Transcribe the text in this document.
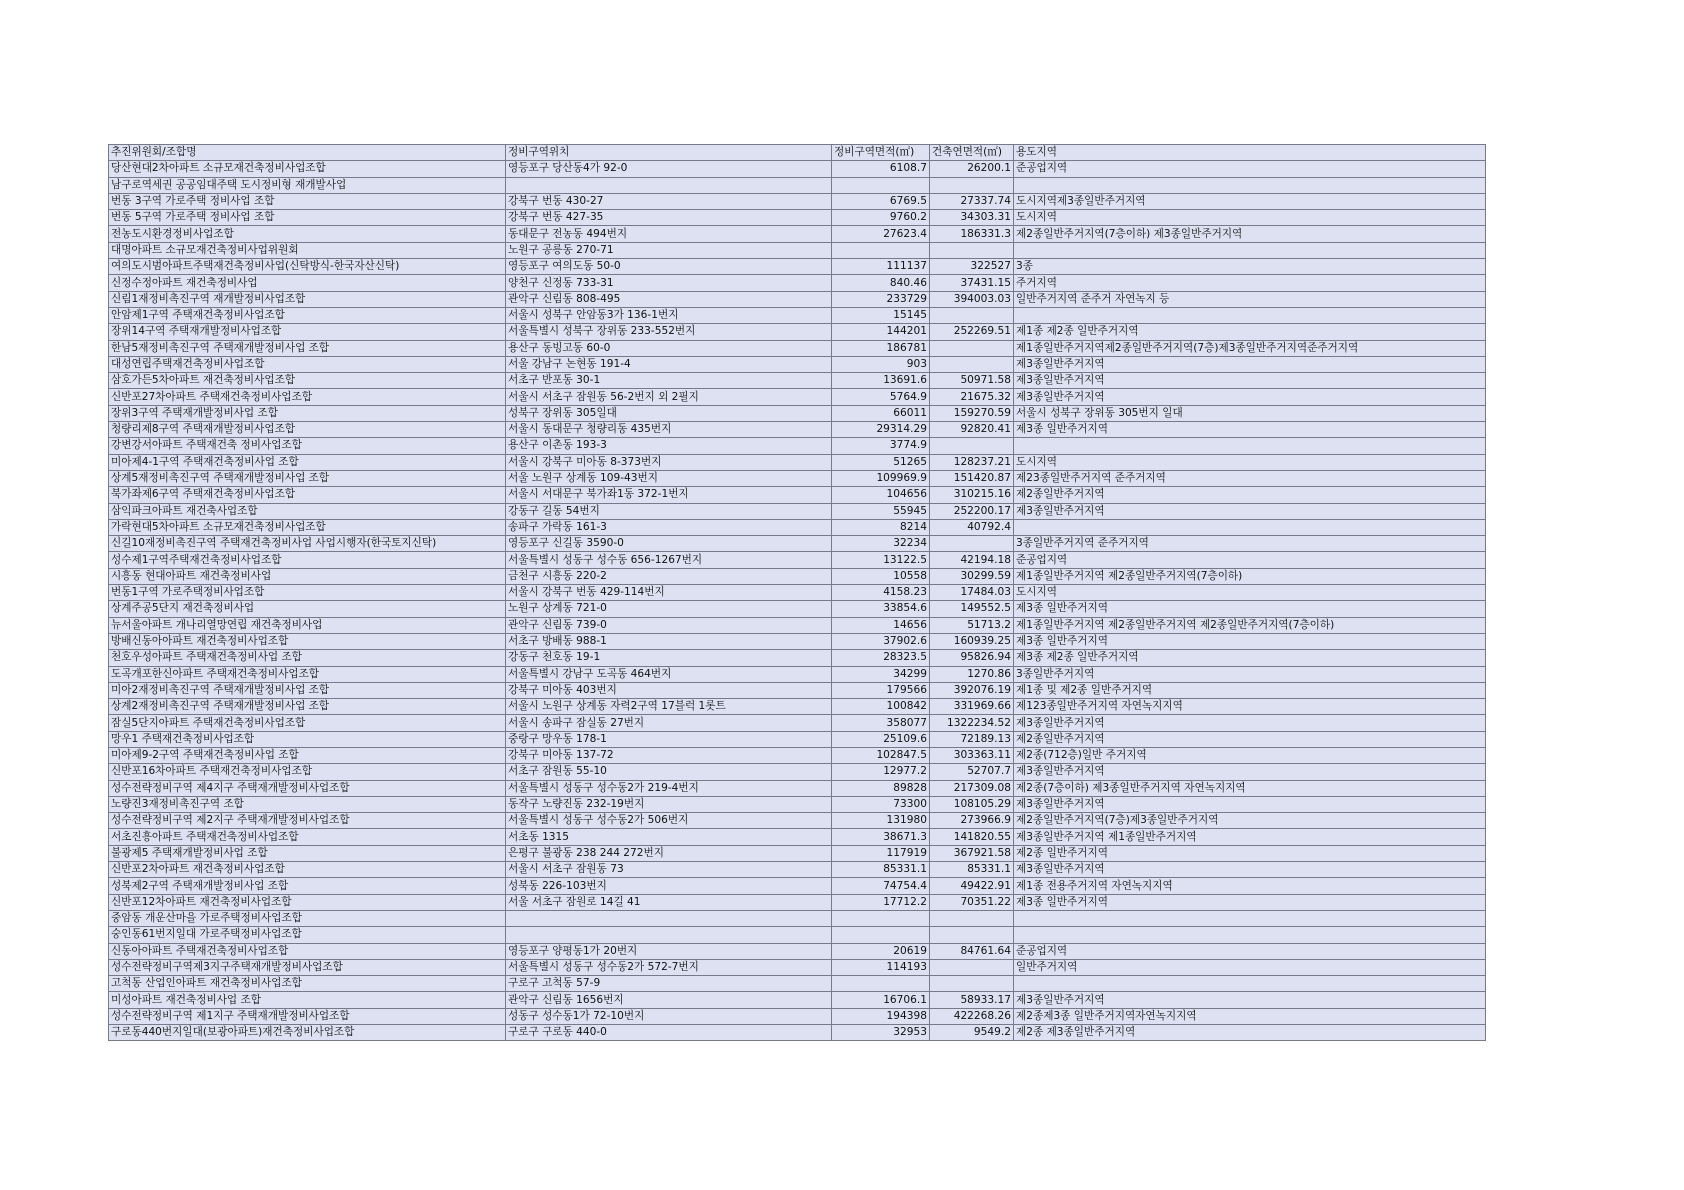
추진위원회/조합명	정비구역위치	정비구역면적(㎡)	건축연면적(㎡)	용도지역
당산현대2차아파트 소규모재건축정비사업조합	영등포구 당산동4가 92-0	6108.7	26200.1	준공업지역
남구로역세권 공공임대주택 도시정비형 재개발사업				
번동 3구역 가로주택 정비사업 조합	강북구 번동 430-27	6769.5	27337.74	도시지역제3종일반주거지역
번동 5구역 가로주택 정비사업 조합	강북구 번동 427-35	9760.2	34303.31	도시지역
전농도시환경정비사업조합	동대문구 전농동 494번지	27623.4	186331.3	제2종일반주거지역(7층이하) 제3종일반주거지역
대명아파트 소규모재건축정비사업위원회	노원구 공릉동 270-71			
여의도시범아파트주택재건축정비사업(신탁방식-한국자산신탁)	영등포구 여의도동 50-0	111137	322527	3종
신정수정아파트 재건축정비사업	양천구 신정동 733-31	840.46	37431.15	주거지역
신림1재정비촉진구역 재개발정비사업조합	관악구 신림동 808-495	233729	394003.03	일반주거지역 준주거 자연녹지 등
안암제1구역 주택재건축정비사업조합	서울시 성북구 안암동3가 136-1번지	15145		
장위14구역 주택재개발정비사업조합	서울특별시 성북구 장위동 233-552번지	144201	252269.51	제1종 제2종 일반주거지역
한남5재정비촉진구역 주택재개발정비사업 조합	용산구 동빙고동 60-0	186781		제1종일반주거지역제2종일반주거지역(7층)제3종일반주거지역준주거지역
대성연립주택재건축정비사업조합	서울 강남구 논현동 191-4	903		제3종일반주거지역
삼호가든5차아파트 재건축정비사업조합	서초구 반포동 30-1	13691.6	50971.58	제3종일반주거지역
신반포27차아파트 주택재건축정비사업조합	서울시 서초구 잠원동 56-2번지 외 2필지	5764.9	21675.32	제3종일반주거지역
장위3구역 주택재개발정비사업 조합	성북구 장위동 305일대	66011	159270.59	서울시 성북구 장위동 305번지 일대
청량리제8구역 주택재개발정비사업조합	서울시 동대문구 청량리동 435번지	29314.29	92820.41	제3종 일반주거지역
강변강서아파트 주택재건축 정비사업조합	용산구 이촌동 193-3	3774.9		
미아제4-1구역 주택재건축정비사업 조합	서울시 강북구 미아동 8-373번지	51265	128237.21	도시지역
상계5재정비촉진구역 주택재개발정비사업 조합	서울 노원구 상계동 109-43번지	109969.9	151420.87	제23종일반주거지역 준주거지역
북가좌제6구역 주택재건축정비사업조합	서울시 서대문구 북가좌1동 372-1번지	104656	310215.16	제2종일반주거지역
삼익파크아파트 재건축사업조합	강동구 길동 54번지	55945	252200.17	제3종일반주거지역
가락현대5차아파트 소규모재건축정비사업조합	송파구 가락동 161-3	8214	40792.4	
신길10재정비촉진구역 주택재건축정비사업 사업시행자(한국토지신탁)	영등포구 신길동 3590-0	32234		3종일반주거지역 준주거지역
성수제1구역주택재건축정비사업조합	서울특별시 성동구 성수동 656-1267번지	13122.5	42194.18	준공업지역
시흥동 현대아파트 재건축정비사업	금천구 시흥동 220-2	10558	30299.59	제1종일반주거지역 제2종일반주거지역(7층이하)
번동1구역 가로주택정비사업조합	서울시 강북구 번동 429-114번지	4158.23	17484.03	도시지역
상계주공5단지 재건축정비사업	노원구 상계동 721-0	33854.6	149552.5	제3종 일반주거지역
뉴서울아파트 개나리열망연립 재건축정비사업	관악구 신림동 739-0	14656	51713.2	제1종일반주거지역 제2종일반주거지역 제2종일반주거지역(7층이하)
방배신동아아파트 재건축정비사업조합	서초구 방배동 988-1	37902.6	160939.25	제3종 일반주거지역
천호우성아파트 주택재건축정비사업 조합	강동구 천호동 19-1	28323.5	95826.94	제3종 제2종 일반주거지역
도곡개포한신아파트 주택재건축정비사업조합	서울특별시 강남구 도곡동 464번지	34299	1270.86	3종일반주거지역
미아2재정비촉진구역 주택재개발정비사업 조합	강북구 미아동 403번지	179566	392076.19	제1종 및 제2종 일반주거지역
상계2재정비촉진구역 주택재개발정비사업 조합	서울시 노원구 상계동 자력2구역 17블럭 1롯트	100842	331969.66	제123종일반주거지역 자연녹지지역
잠실5단지아파트 주택재건축정비사업조합	서울시 송파구 잠실동 27번지	358077	1322234.52	제3종일반주거지역
망우1 주택재건축정비사업조합	중랑구 망우동 178-1	25109.6	72189.13	제2종일반주거지역
미아제9-2구역 주택재건축정비사업 조합	강북구 미아동 137-72	102847.5	303363.11	제2종(712층)일반 주거지역
신반포16차아파트 주택재건축정비사업조합	서초구 잠원동 55-10	12977.2	52707.7	제3종일반주거지역
성수전략정비구역 제4지구 주택재개발정비사업조합	서울특별시 성동구 성수동2가 219-4번지	89828	217309.08	제2종(7층이하) 제3종일반주거지역 자연녹지지역
노량진3재정비촉진구역 조합	동작구 노량진동 232-19번지	73300	108105.29	제3종일반주거지역
성수전략정비구역 제2지구 주택재개발정비사업조합	서울특별시 성동구 성수동2가 506번지	131980	273966.9	제2종일반주거지역(7층)제3종일반주거지역
서초진흥아파트 주택재건축정비사업조합	서초동 1315	38671.3	141820.55	제3종일반주거지역 제1종일반주거지역
불광제5 주택재개발정비사업 조합	은평구 불광동 238 244 272번지	117919	367921.58	제2종 일반주거지역
신반포2차아파트 재건축정비사업조합	서울시 서초구 잠원동 73	85331.1	85331.1	제3종일반주거지역
성북제2구역 주택재개발정비사업 조합	성북동 226-103번지	74754.4	49422.91	제1종 전용주거지역 자연녹지지역
신반포12차아파트 재건축정비사업조합	서울 서초구 잠원로 14길 41	17712.2	70351.22	제3종 일반주거지역
중암동 개운산마을 가로주택정비사업조합				
숭인동61번지일대 가로주택정비사업조합				
신동아아파트 주택재건축정비사업조합	영등포구 양평동1가 20번지	20619	84761.64	준공업지역
성수전략정비구역제3지구주택재개발정비사업조합	서울특별시 성동구 성수동2가 572-7번지	114193		일반주거지역
고척동 산업인아파트 재건축정비사업조합	구로구 고척동 57-9			
미성아파트 재건축정비사업 조합	관악구 신림동 1656번지	16706.1	58933.17	제3종일반주거지역
성수전략정비구역 제1지구 주택재개발정비사업조합	성동구 성수동1가 72-10번지	194398	422268.26	제2종제3종 일반주거지역자연녹지지역
구로동440번지일대(보광아파트)재건축정비사업조합	구로구 구로동 440-0	32953	9549.2	제2종 제3종일반주거지역
